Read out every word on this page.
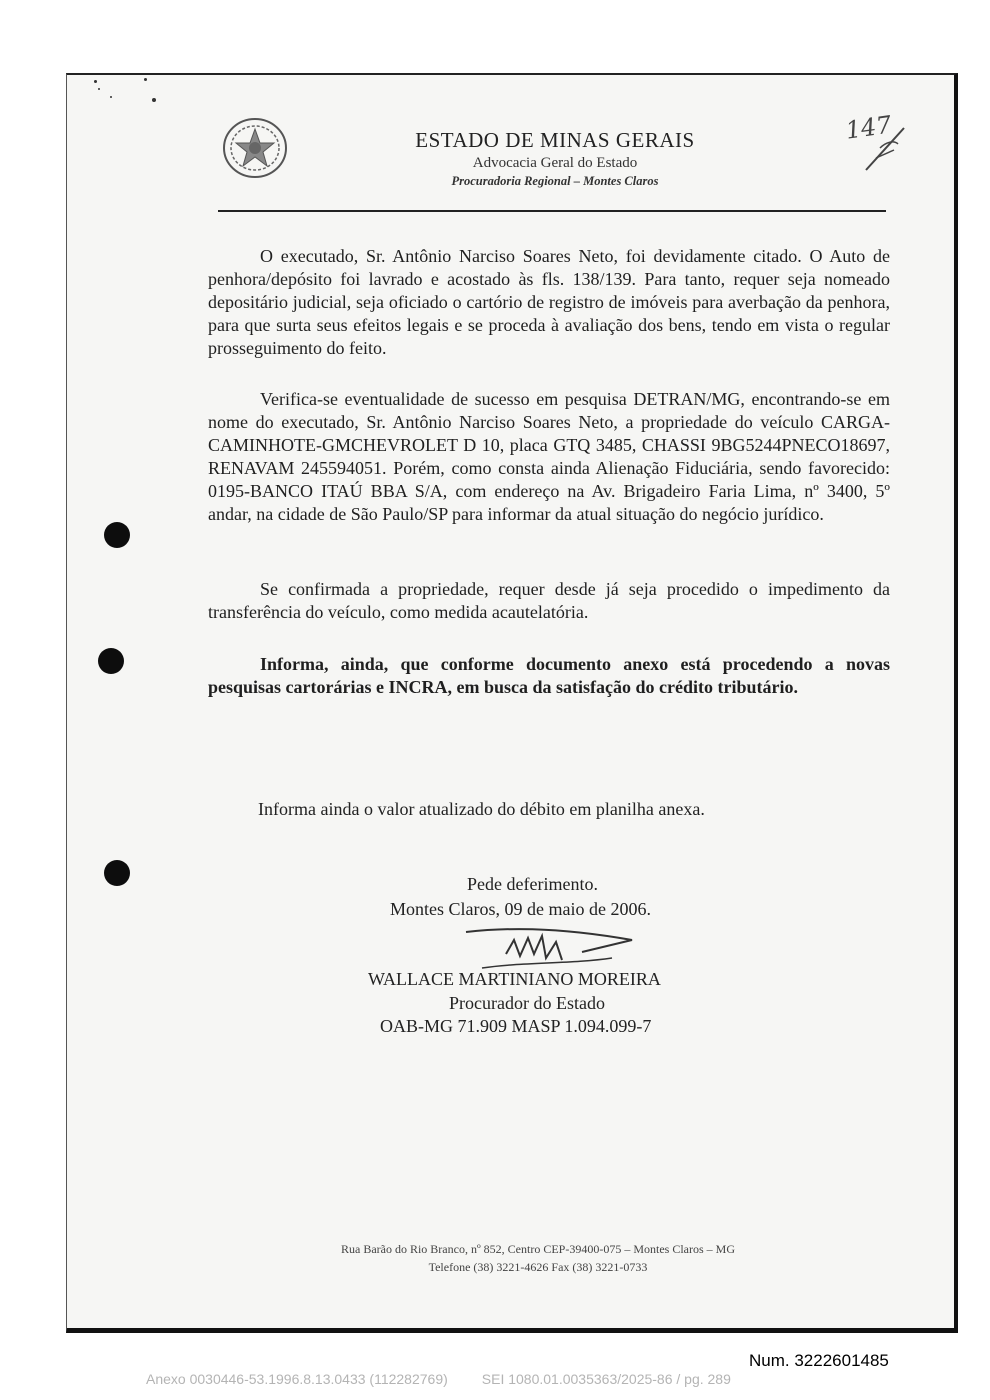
ESTADO DE MINAS GERAIS
Advocacia Geral do Estado
Procuradoria Regional – Montes Claros
147

O executado, Sr. Antônio Narciso Soares Neto, foi devidamente citado. O Auto de penhora/depósito foi lavrado e acostado às fls. 138/139. Para tanto, requer seja nomeado depositário judicial, seja oficiado o cartório de registro de imóveis para averbação da penhora, para que surta seus efeitos legais e se proceda à avaliação dos bens, tendo em vista o regular prosseguimento do feito.

Verifica-se eventualidade de sucesso em pesquisa DETRAN/MG, encontrando-se em nome do executado, Sr. Antônio Narciso Soares Neto, a propriedade do veículo CARGA-CAMINHOTE-GMCHEVROLET D 10, placa GTQ 3485, CHASSI 9BG5244PNECO18697, RENAVAM 245594051. Porém, como consta ainda Alienação Fiduciária, sendo favorecido: 0195-BANCO ITAÚ BBA S/A, com endereço na Av. Brigadeiro Faria Lima, nº 3400, 5º andar, na cidade de São Paulo/SP para informar da atual situação do negócio jurídico.

Se confirmada a propriedade, requer desde já seja procedido o impedimento da transferência do veículo, como medida acautelatória.

Informa, ainda, que conforme documento anexo está procedendo a novas pesquisas cartorárias e INCRA, em busca da satisfação do crédito tributário.

Informa ainda o valor atualizado do débito em planilha anexa.
Pede deferimento.
Montes Claros, 09 de maio de 2006.
WALLACE MARTINIANO MOREIRA
Procurador do Estado
OAB-MG 71.909 MASP 1.094.099-7
Rua Barão do Rio Branco, nº 852, Centro CEP-39400-075 – Montes Claros – MG
Telefone (38) 3221-4626 Fax (38) 3221-0733
Num. 3222601485
Anexo 0030446-53.1996.8.13.0433 (112282769) SEI 1080.01.0035363/2025-86 / pg. 289
